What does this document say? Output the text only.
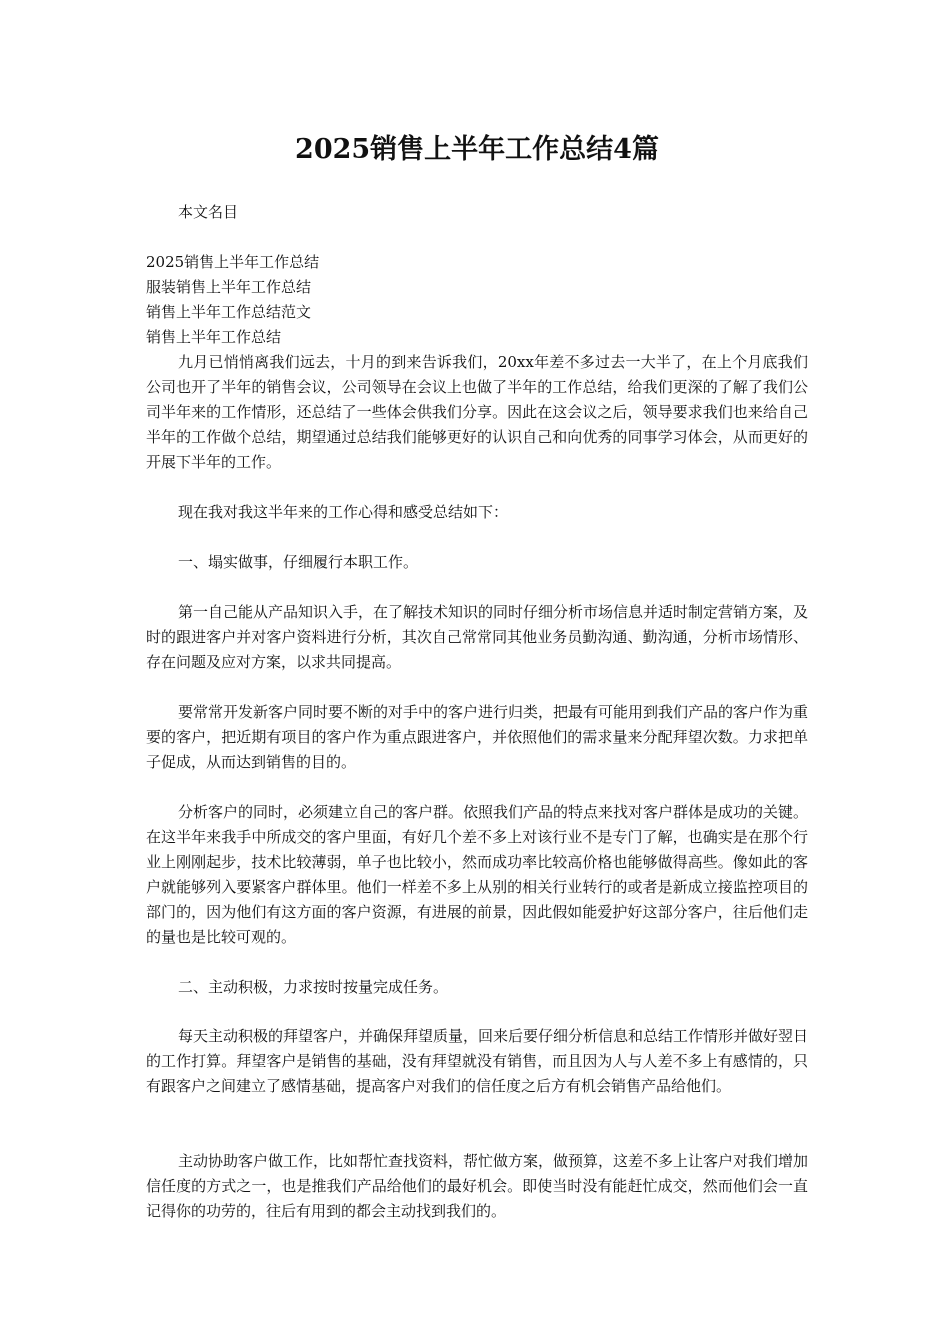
2025销售上半年工作总结4篇

本文名目

2025销售上半年工作总结
服装销售上半年工作总结
销售上半年工作总结范文
销售上半年工作总结

九月已悄悄离我们远去，十月的到来告诉我们，20xx年差不多过去一大半了，在上个月底我们公司也开了半年的销售会议，公司领导在会议上也做了半年的工作总结，给我们更深的了解了我们公司半年来的工作情形，还总结了一些体会供我们分享。因此在这会议之后，领导要求我们也来给自己半年的工作做个总结，期望通过总结我们能够更好的认识自己和向优秀的同事学习体会，从而更好的开展下半年的工作。

现在我对我这半年来的工作心得和感受总结如下：

一、塌实做事，仔细履行本职工作。

第一自己能从产品知识入手，在了解技术知识的同时仔细分析市场信息并适时制定营销方案，及时的跟进客户并对客户资料进行分析，其次自己常常同其他业务员勤沟通、勤沟通，分析市场情形、存在问题及应对方案，以求共同提高。

要常常开发新客户同时要不断的对手中的客户进行归类，把最有可能用到我们产品的客户作为重要的客户，把近期有项目的客户作为重点跟进客户，并依照他们的需求量来分配拜望次数。力求把单子促成，从而达到销售的目的。

分析客户的同时，必须建立自己的客户群。依照我们产品的特点来找对客户群体是成功的关键。在这半年来我手中所成交的客户里面，有好几个差不多上对该行业不是专门了解，也确实是在那个行业上刚刚起步，技术比较薄弱，单子也比较小，然而成功率比较高价格也能够做得高些。像如此的客户就能够列入要紧客户群体里。他们一样差不多上从别的相关行业转行的或者是新成立接监控项目的部门的，因为他们有这方面的客户资源，有进展的前景，因此假如能爱护好这部分客户，往后他们走的量也是比较可观的。

二、主动积极，力求按时按量完成任务。

每天主动积极的拜望客户，并确保拜望质量，回来后要仔细分析信息和总结工作情形并做好翌日的工作打算。拜望客户是销售的基础，没有拜望就没有销售，而且因为人与人差不多上有感情的，只有跟客户之间建立了感情基础，提高客户对我们的信任度之后方有机会销售产品给他们。

主动协助客户做工作，比如帮忙查找资料，帮忙做方案，做预算，这差不多上让客户对我们增加信任度的方式之一，也是推我们产品给他们的最好机会。即使当时没有能赶忙成交，然而他们会一直记得你的功劳的，往后有用到的都会主动找到我们的。
